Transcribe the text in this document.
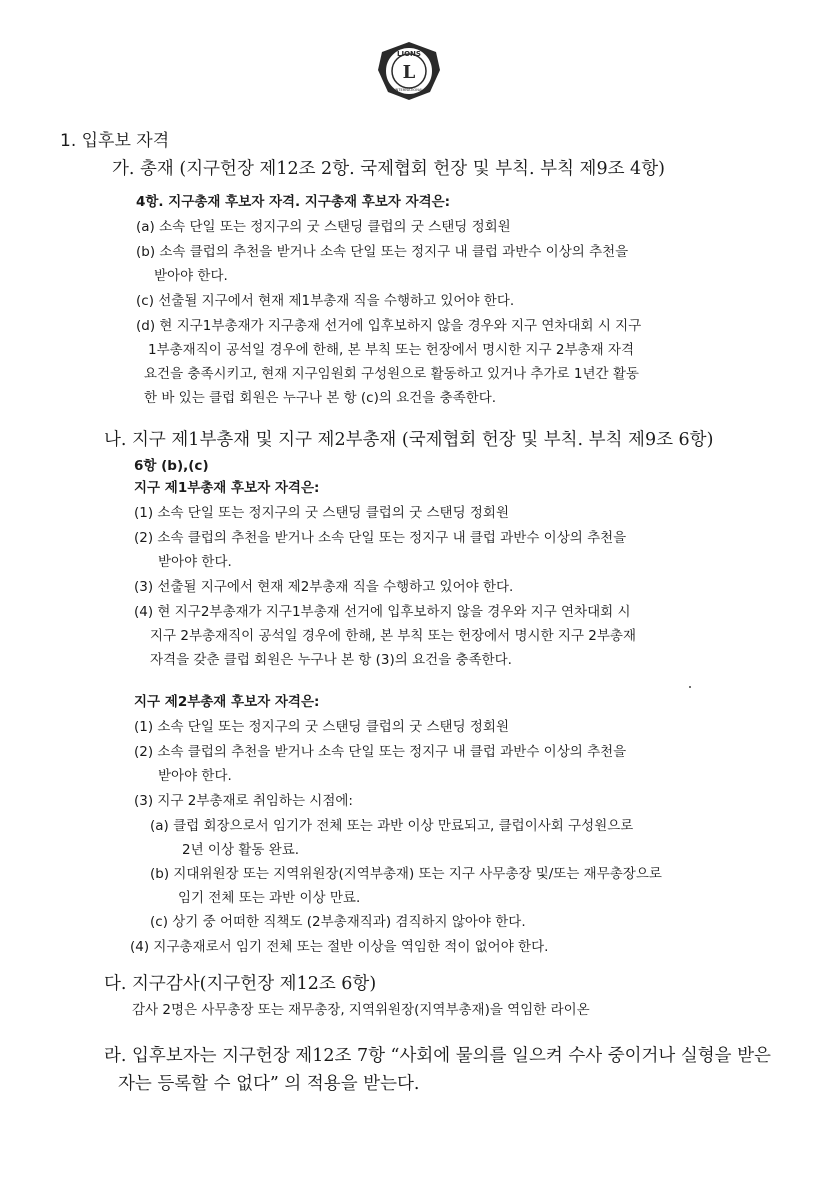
LIONS
INTERNATIONAL
L
1. 입후보 자격
가. 총재 (지구헌장 제12조 2항. 국제협회 헌장 및 부칙. 부칙 제9조 4항)
4항. 지구총재 후보자 자격. 지구총재 후보자 자격은:
(a) 소속 단일 또는 정지구의 굿 스탠딩 클럽의 굿 스탠딩 정회원
(b) 소속 클럽의 추천을 받거나 소속 단일 또는 정지구 내 클럽 과반수 이상의 추천을
받아야 한다.
(c) 선출될 지구에서 현재 제1부총재 직을 수행하고 있어야 한다.
(d) 현 지구1부총재가 지구총재 선거에 입후보하지 않을 경우와 지구 연차대회 시 지구
1부총재직이 공석일 경우에 한해, 본 부칙 또는 헌장에서 명시한 지구 2부총재 자격
요건을 충족시키고, 현재 지구임원회 구성원으로 활동하고 있거나 추가로 1년간 활동
한 바 있는 클럽 회원은 누구나 본 항 (c)의 요건을 충족한다.
나. 지구 제1부총재 및 지구 제2부총재 (국제협회 헌장 및 부칙. 부칙 제9조 6항)
6항 (b),(c)
지구 제1부총재 후보자 자격은:
(1) 소속 단일 또는 정지구의 굿 스탠딩 클럽의 굿 스탠딩 정회원
(2) 소속 클럽의 추천을 받거나 소속 단일 또는 정지구 내 클럽 과반수 이상의 추천을
받아야 한다.
(3) 선출될 지구에서 현재 제2부총재 직을 수행하고 있어야 한다.
(4) 현 지구2부총재가 지구1부총재 선거에 입후보하지 않을 경우와 지구 연차대회 시
지구 2부총재직이 공석일 경우에 한해, 본 부칙 또는 헌장에서 명시한 지구 2부총재
자격을 갖춘 클럽 회원은 누구나 본 항 (3)의 요건을 충족한다.
지구 제2부총재 후보자 자격은:
(1) 소속 단일 또는 정지구의 굿 스탠딩 클럽의 굿 스탠딩 정회원
(2) 소속 클럽의 추천을 받거나 소속 단일 또는 정지구 내 클럽 과반수 이상의 추천을
받아야 한다.
(3) 지구 2부총재로 취임하는 시점에:
(a) 클럽 회장으로서 임기가 전체 또는 과반 이상 만료되고, 클럽이사회 구성원으로
2년 이상 활동 완료.
(b) 지대위원장 또는 지역위원장(지역부총재) 또는 지구 사무총장 및/또는 재무총장으로
임기 전체 또는 과반 이상 만료.
(c) 상기 중 어떠한 직책도 (2부총재직과) 겸직하지 않아야 한다.
(4) 지구총재로서 임기 전체 또는 절반 이상을 역임한 적이 없어야 한다.
다. 지구감사(지구헌장 제12조 6항)
감사 2명은 사무총장 또는 재무총장, 지역위원장(지역부총재)을 역임한 라이온
라. 입후보자는 지구헌장 제12조 7항 “사회에 물의를 일으켜 수사 중이거나 실형을 받은
자는 등록할 수 없다” 의 적용을 받는다.
